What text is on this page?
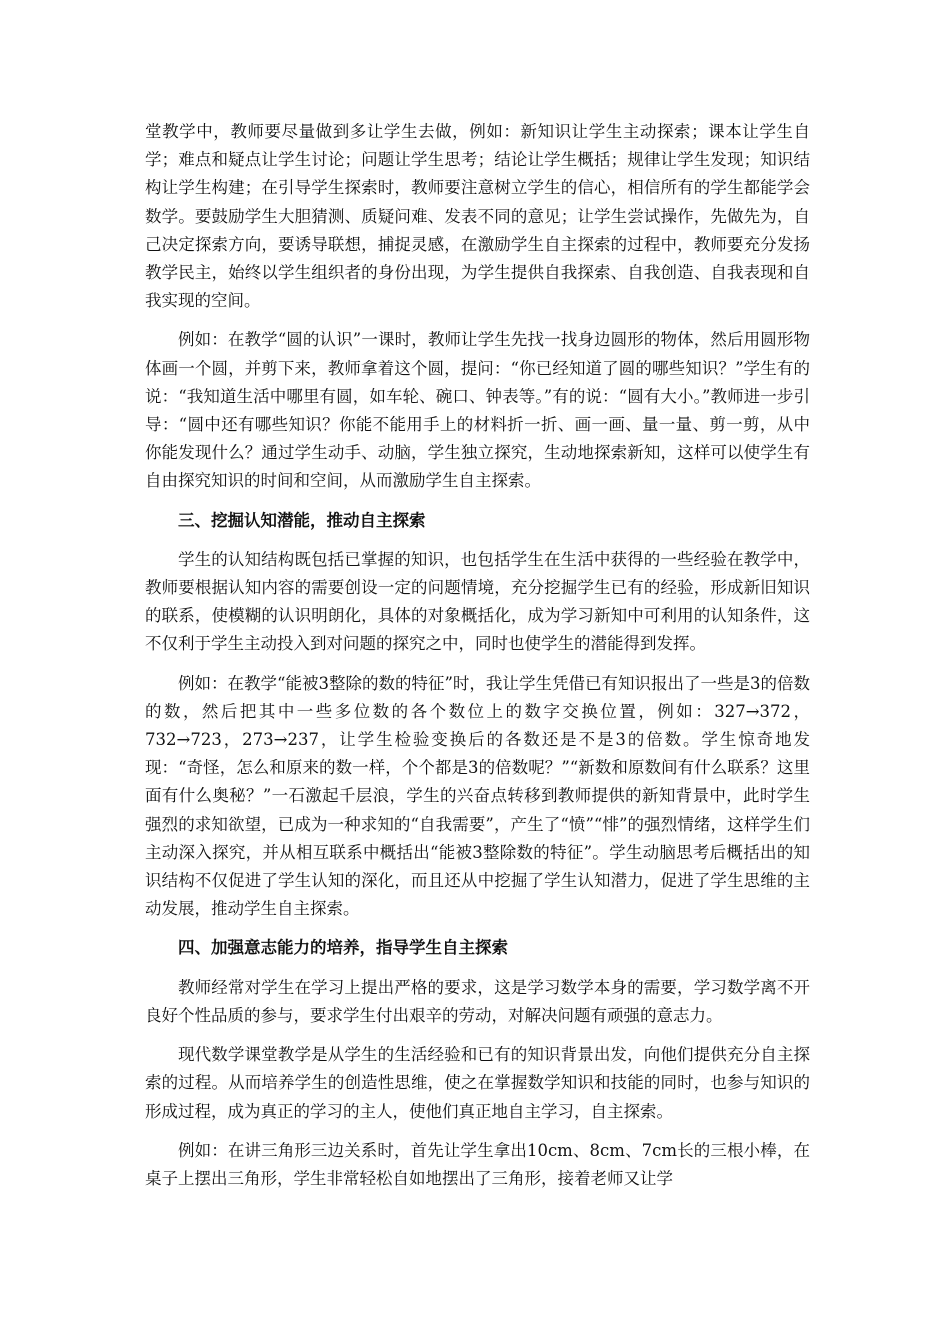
堂教学中，教师要尽量做到多让学生去做，例如：新知识让学生主动探索；课本让学生自学；难点和疑点让学生讨论；问题让学生思考；结论让学生概括；规律让学生发现；知识结构让学生构建；在引导学生探索时，教师要注意树立学生的信心，相信所有的学生都能学会数学。要鼓励学生大胆猜测、质疑问难、发表不同的意见；让学生尝试操作，先做先为，自己决定探索方向，要诱导联想，捕捉灵感，在激励学生自主探索的过程中，教师要充分发扬教学民主，始终以学生组织者的身份出现，为学生提供自我探索、自我创造、自我表现和自我实现的空间。

例如：在教学“圆的认识”一课时，教师让学生先找一找身边圆形的物体，然后用圆形物体画一个圆，并剪下来，教师拿着这个圆，提问：“你已经知道了圆的哪些知识？”学生有的说：“我知道生活中哪里有圆，如车轮、碗口、钟表等。”有的说：“圆有大小。”教师进一步引导：“圆中还有哪些知识？你能不能用手上的材料折一折、画一画、量一量、剪一剪，从中你能发现什么？通过学生动手、动脑，学生独立探究，生动地探索新知，这样可以使学生有自由探究知识的时间和空间，从而激励学生自主探索。

三、挖掘认知潜能，推动自主探索

学生的认知结构既包括已掌握的知识，也包括学生在生活中获得的一些经验在教学中，教师要根据认知内容的需要创设一定的问题情境，充分挖掘学生已有的经验，形成新旧知识的联系，使模糊的认识明朗化，具体的对象概括化，成为学习新知中可利用的认知条件，这不仅利于学生主动投入到对问题的探究之中，同时也使学生的潜能得到发挥。

例如：在教学“能被3整除的数的特征”时，我让学生凭借已有知识报出了一些是3的倍数的数，然后把其中一些多位数的各个数位上的数字交换位置，例如：327→372，732→723，273→237，让学生检验变换后的各数还是不是3的倍数。学生惊奇地发现：“奇怪，怎么和原来的数一样，个个都是3的倍数呢？”“新数和原数间有什么联系？这里面有什么奥秘？”一石激起千层浪，学生的兴奋点转移到教师提供的新知背景中，此时学生强烈的求知欲望，已成为一种求知的“自我需要”，产生了“愤”“悱”的强烈情绪，这样学生们主动深入探究，并从相互联系中概括出“能被3整除数的特征”。学生动脑思考后概括出的知识结构不仅促进了学生认知的深化，而且还从中挖掘了学生认知潜力，促进了学生思维的主动发展，推动学生自主探索。

四、加强意志能力的培养，指导学生自主探索

教师经常对学生在学习上提出严格的要求，这是学习数学本身的需要，学习数学离不开良好个性品质的参与，要求学生付出艰辛的劳动，对解决问题有顽强的意志力。

现代数学课堂教学是从学生的生活经验和已有的知识背景出发，向他们提供充分自主探索的过程。从而培养学生的创造性思维，使之在掌握数学知识和技能的同时，也参与知识的形成过程，成为真正的学习的主人，使他们真正地自主学习，自主探索。

例如：在讲三角形三边关系时，首先让学生拿出10cm、8cm、7cm长的三根小棒，在桌子上摆出三角形，学生非常轻松自如地摆出了三角形，接着老师又让学
